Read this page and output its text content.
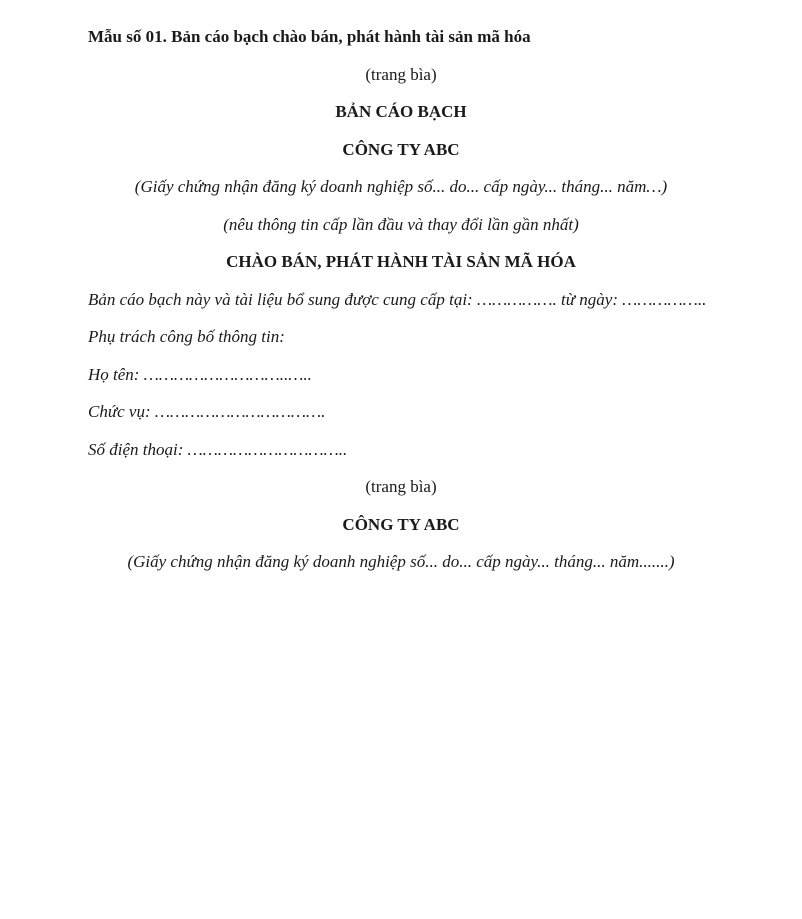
Mẫu số 01. Bản cáo bạch chào bán, phát hành tài sản mã hóa

(trang bìa)

BẢN CÁO BẠCH

CÔNG TY ABC

(Giấy chứng nhận đăng ký doanh nghiệp số... do... cấp ngày... tháng... năm…)

(nêu thông tin cấp lần đầu và thay đổi lần gần nhất)

CHÀO BÁN, PHÁT HÀNH TÀI SẢN MÃ HÓA

Bản cáo bạch này và tài liệu bổ sung được cung cấp tại: ……………. từ ngày: ……………..

Phụ trách công bố thông tin:

Họ tên: ………………………..…..

Chức vụ: …………………………….

Số điện thoại: …………………………..

(trang bìa)

CÔNG TY ABC

(Giấy chứng nhận đăng ký doanh nghiệp số... do... cấp ngày... tháng... năm.......)
